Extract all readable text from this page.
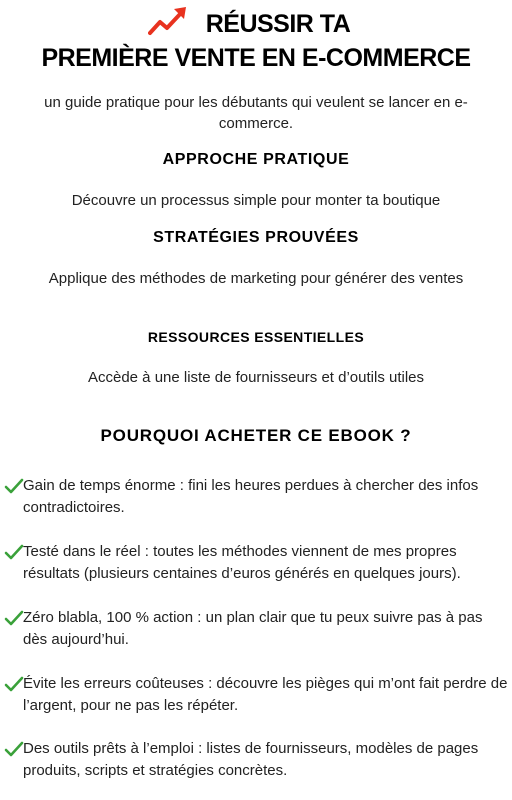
RÉUSSIR TA
PREMIÈRE VENTE EN E-COMMERCE
un guide pratique pour les débutants qui veulent se lancer en e-commerce.
APPROCHE PRATIQUE
Découvre un processus simple pour monter ta boutique
STRATÉGIES PROUVÉES
Applique des méthodes de marketing pour générer des ventes
RESSOURCES ESSENTIELLES
Accède à une liste de fournisseurs et d’outils utiles
POURQUOI ACHETER CE EBOOK ?
Gain de temps énorme : fini les heures perdues à chercher des infos contradictoires.
Testé dans le réel : toutes les méthodes viennent de mes propres résultats (plusieurs centaines d’euros générés en quelques jours).
Zéro blabla, 100 % action : un plan clair que tu peux suivre pas à pas dès aujourd’hui.
Évite les erreurs coûteuses : découvre les pièges qui m’ont fait perdre de l’argent, pour ne pas les répéter.
Des outils prêts à l’emploi : listes de fournisseurs, modèles de pages produits, scripts et stratégies concrètes.
